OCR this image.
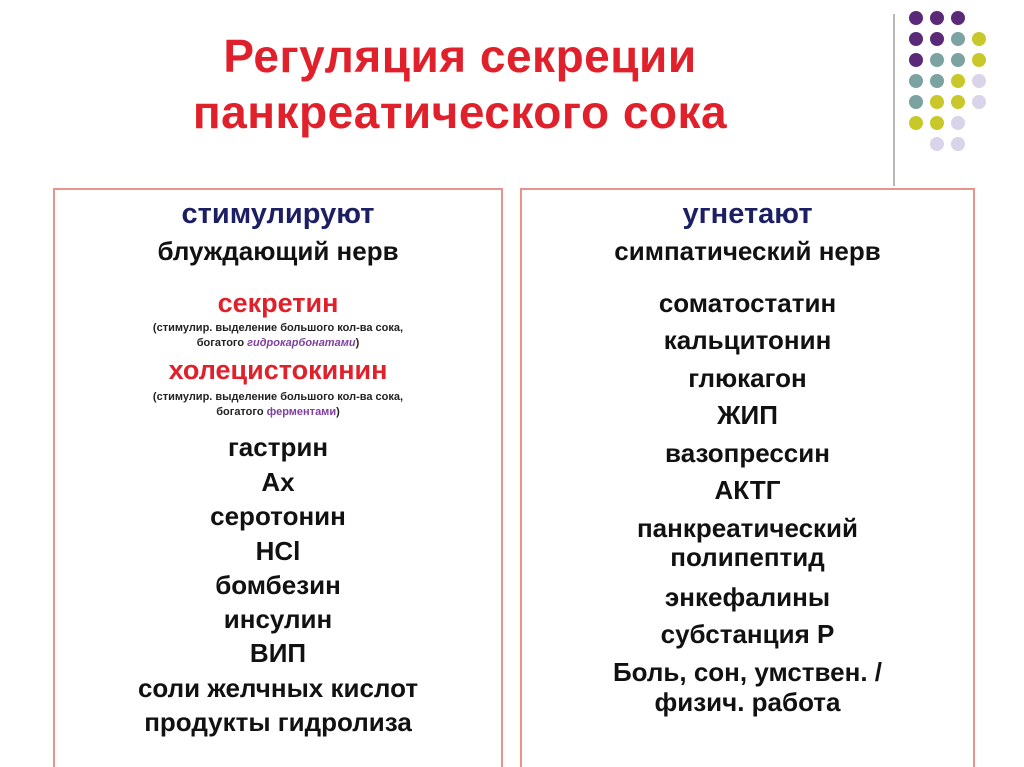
Регуляция секреции
панкреатического сока
стимулируют
блуждающий нерв
секретин
(стимулир. выделение большого кол-ва сока,
богатого гидрокарбонатами)
холецистокинин
(стимулир. выделение большого кол-ва сока,
богатого ферментами)
гастрин
Ах
серотонин
HCl
бомбезин
инсулин
ВИП
соли желчных кислот
продукты гидролиза
угнетают
симпатический нерв
соматостатин
кальцитонин
глюкагон
ЖИП
вазопрессин
АКТГ
панкреатический
полипептид
энкефалины
субстанция Р
Боль, сон, умствен. /
физич. работа
